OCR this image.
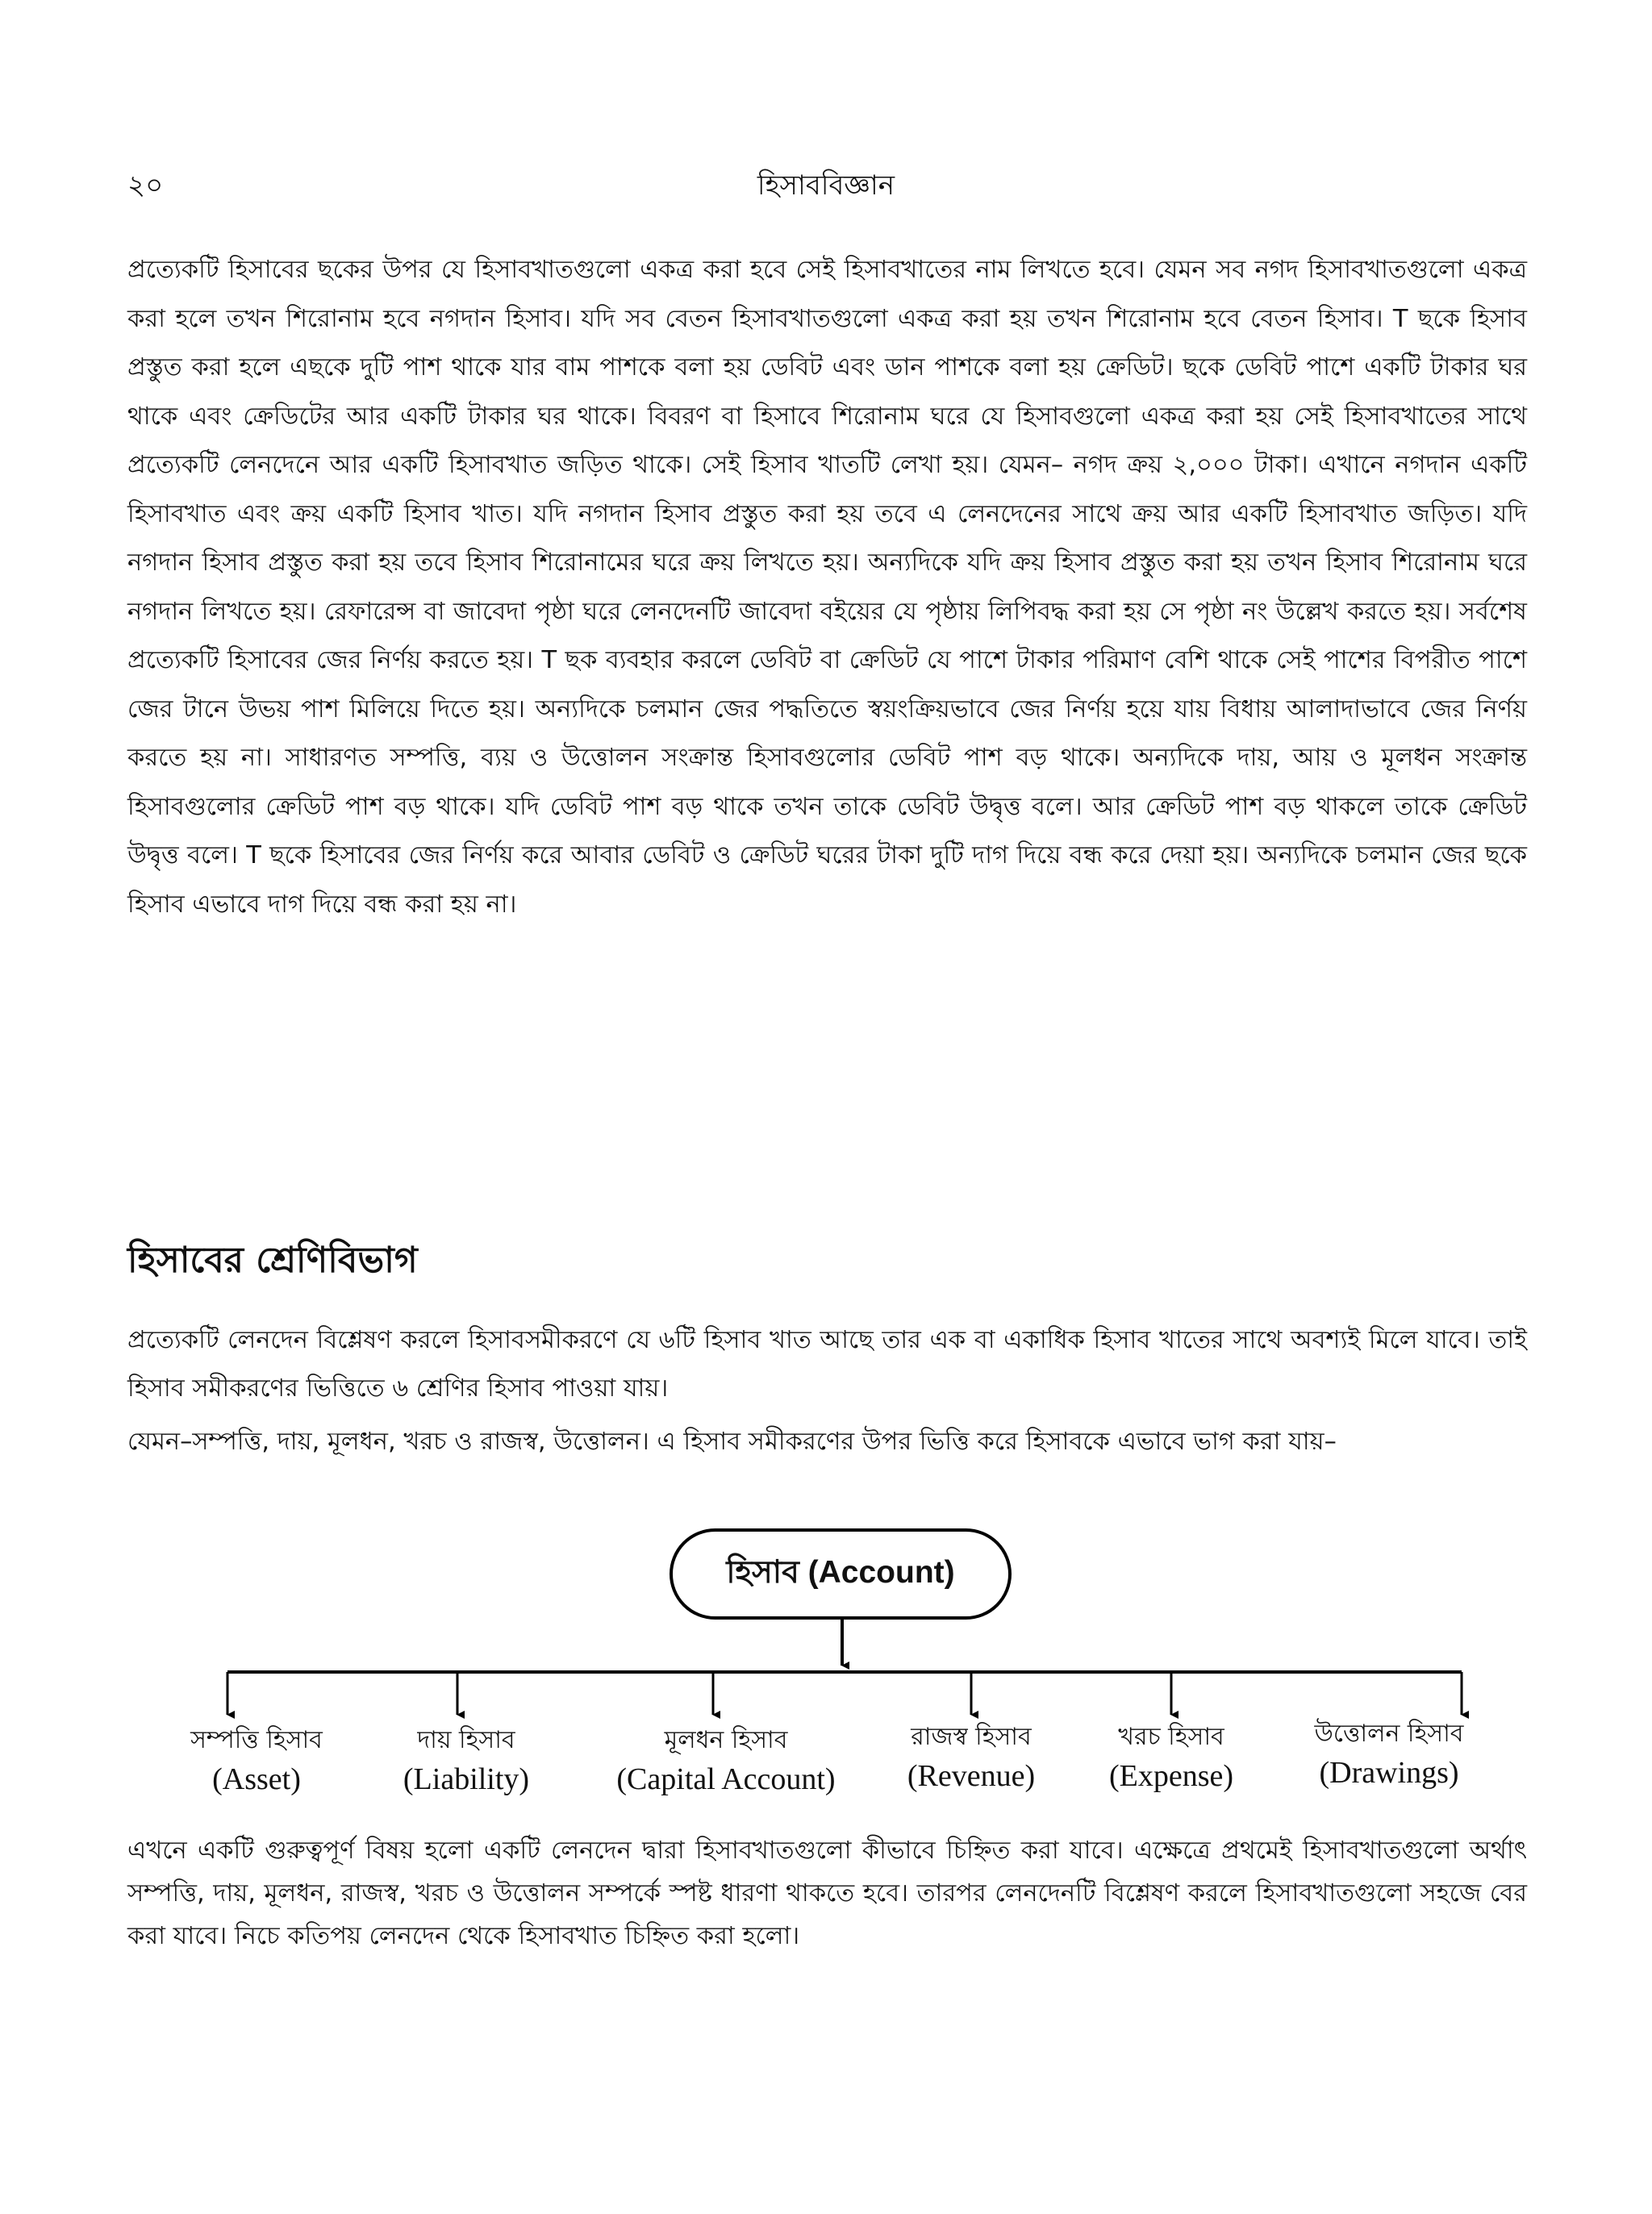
২০	হিসাববিজ্ঞান

প্রত্যেকটি হিসাবের ছকের উপর যে হিসাবখাতগুলো একত্র করা হবে সেই হিসাবখাতের নাম লিখতে হবে। যেমন সব নগদ হিসাবখাতগুলো একত্র করা হলে তখন শিরোনাম হবে নগদান হিসাব। যদি সব বেতন হিসাবখাতগুলো একত্র করা হয় তখন শিরোনাম হবে বেতন হিসাব। T ছকে হিসাব প্রস্তুত করা হলে এছকে দুটি পাশ থাকে যার বাম পাশকে বলা হয় ডেবিট এবং ডান পাশকে বলা হয় ক্রেডিট। ছকে ডেবিট পাশে একটি টাকার ঘর থাকে এবং ক্রেডিটের আর একটি টাকার ঘর থাকে। বিবরণ বা হিসাবে শিরোনাম ঘরে যে হিসাবগুলো একত্র করা হয় সেই হিসাবখাতের সাথে প্রত্যেকটি লেনদেনে আর একটি হিসাবখাত জড়িত থাকে। সেই হিসাব খাতটি লেখা হয়। যেমন– নগদ ক্রয় ২,০০০ টাকা। এখানে নগদান একটি হিসাবখাত এবং ক্রয় একটি হিসাব খাত। যদি নগদান হিসাব প্রস্তুত করা হয় তবে এ লেনদেনের সাথে ক্রয় আর একটি হিসাবখাত জড়িত। যদি নগদান হিসাব প্রস্তুত করা হয় তবে হিসাব শিরোনামের ঘরে ক্রয় লিখতে হয়। অন্যদিকে যদি ক্রয় হিসাব প্রস্তুত করা হয় তখন হিসাব শিরোনাম ঘরে নগদান লিখতে হয়। রেফারেন্স বা জাবেদা পৃষ্ঠা ঘরে লেনদেনটি জাবেদা বইয়ের যে পৃষ্ঠায় লিপিবদ্ধ করা হয় সে পৃষ্ঠা নং উল্লেখ করতে হয়। সর্বশেষ প্রত্যেকটি হিসাবের জের নির্ণয় করতে হয়। T ছক ব্যবহার করলে ডেবিট বা ক্রেডিট যে পাশে টাকার পরিমাণ বেশি থাকে সেই পাশের বিপরীত পাশে জের টানে উভয় পাশ মিলিয়ে দিতে হয়। অন্যদিকে চলমান জের পদ্ধতিতে স্বয়ংক্রিয়ভাবে জের নির্ণয় হয়ে যায় বিধায় আলাদাভাবে জের নির্ণয় করতে হয় না। সাধারণত সম্পত্তি, ব্যয় ও উত্তোলন সংক্রান্ত হিসাবগুলোর ডেবিট পাশ বড় থাকে। অন্যদিকে দায়, আয় ও মূলধন সংক্রান্ত হিসাবগুলোর ক্রেডিট পাশ বড় থাকে। যদি ডেবিট পাশ বড় থাকে তখন তাকে ডেবিট উদ্বৃত্ত বলে। আর ক্রেডিট পাশ বড় থাকলে তাকে ক্রেডিট উদ্বৃত্ত বলে। T ছকে হিসাবের জের নির্ণয় করে আবার ডেবিট ও ক্রেডিট ঘরের টাকা দুটি দাগ দিয়ে বন্ধ করে দেয়া হয়। অন্যদিকে চলমান জের ছকে হিসাব এভাবে দাগ দিয়ে বন্ধ করা হয় না।

হিসাবের শ্রেণিবিভাগ

প্রত্যেকটি লেনদেন বিশ্লেষণ করলে হিসাবসমীকরণে যে ৬টি হিসাব খাত আছে তার এক বা একাধিক হিসাব খাতের সাথে অবশ্যই মিলে যাবে। তাই হিসাব সমীকরণের ভিত্তিতে ৬ শ্রেণির হিসাব পাওয়া যায়।

যেমন–সম্পত্তি, দায়, মূলধন, খরচ ও রাজস্ব, উত্তোলন। এ হিসাব সমীকরণের উপর ভিত্তি করে হিসাবকে এভাবে ভাগ করা যায়–

হিসাব (Account)
সম্পত্তি হিসাব
(Asset)
দায় হিসাব
(Liability)
মূলধন হিসাব
(Capital Account)
রাজস্ব হিসাব
(Revenue)
খরচ হিসাব
(Expense)
উত্তোলন হিসাব
(Drawings)

এখনে একটি গুরুত্বপূর্ণ বিষয় হলো একটি লেনদেন দ্বারা হিসাবখাতগুলো কীভাবে চিহ্নিত করা যাবে। এক্ষেত্রে প্রথমেই হিসাবখাতগুলো অর্থাৎ সম্পত্তি, দায়, মূলধন, রাজস্ব, খরচ ও উত্তোলন সম্পর্কে স্পষ্ট ধারণা থাকতে হবে। তারপর লেনদেনটি বিশ্লেষণ করলে হিসাবখাতগুলো সহজে বের করা যাবে। নিচে কতিপয় লেনদেন থেকে হিসাবখাত চিহ্নিত করা হলো।
